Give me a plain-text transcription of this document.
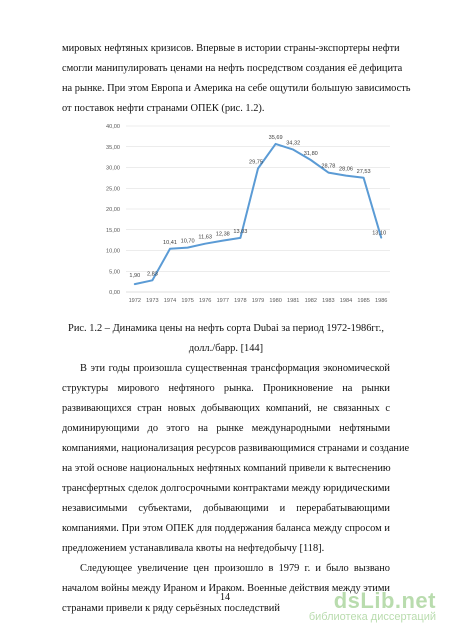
мировых нефтяных кризисов. Впервые в истории страны-экспортеры нефти
смогли манипулировать ценами на нефть посредством создания её дефицита
на рынке. При этом Европа и Америка на себе ощутили большую зависимость
от поставок нефти странами ОПЕК (рис. 1.2).
0,00
5,00
10,00
15,00
20,00
25,00
30,00
35,00
40,00
1972 1973 1974 1975 1976 1977 1978 1979 1980 1981 1982 1983 1984 1985 1986
1,90 2,83
10,41 10,70
11,63
12,38 13,03
29,75
35,69
34,32
31,80
28,78 28,06 27,53
13,10
Рис. 1.2 – Динамика цены на нефть сорта Dubai за период 1972-1986гг.,
долл./барр. [144]
В эти годы произошла существенная трансформация экономической
структуры мирового нефтяного рынка. Проникновение на рынки
развивающихся стран новых добывающих компаний, не связанных с
доминирующими до этого на рынке международными нефтяными
компаниями, национализация ресурсов развивающимися странами и создание
на этой основе национальных нефтяных компаний привели к вытеснению
трансфертных сделок долгосрочными контрактами между юридическими
независимыми субъектами, добывающими и перерабатывающими
компаниями. При этом ОПЕК для поддержания баланса между спросом и
предложением устанавливала квоты на нефтедобычу [118].
Следующее увеличение цен произошло в 1979 г. и было вызвано
началом войны между Ираном и Ираком. Военные действия между этими
странами привели к ряду серьёзных последствий
14	dsLib.net
библиотека диссертаций
